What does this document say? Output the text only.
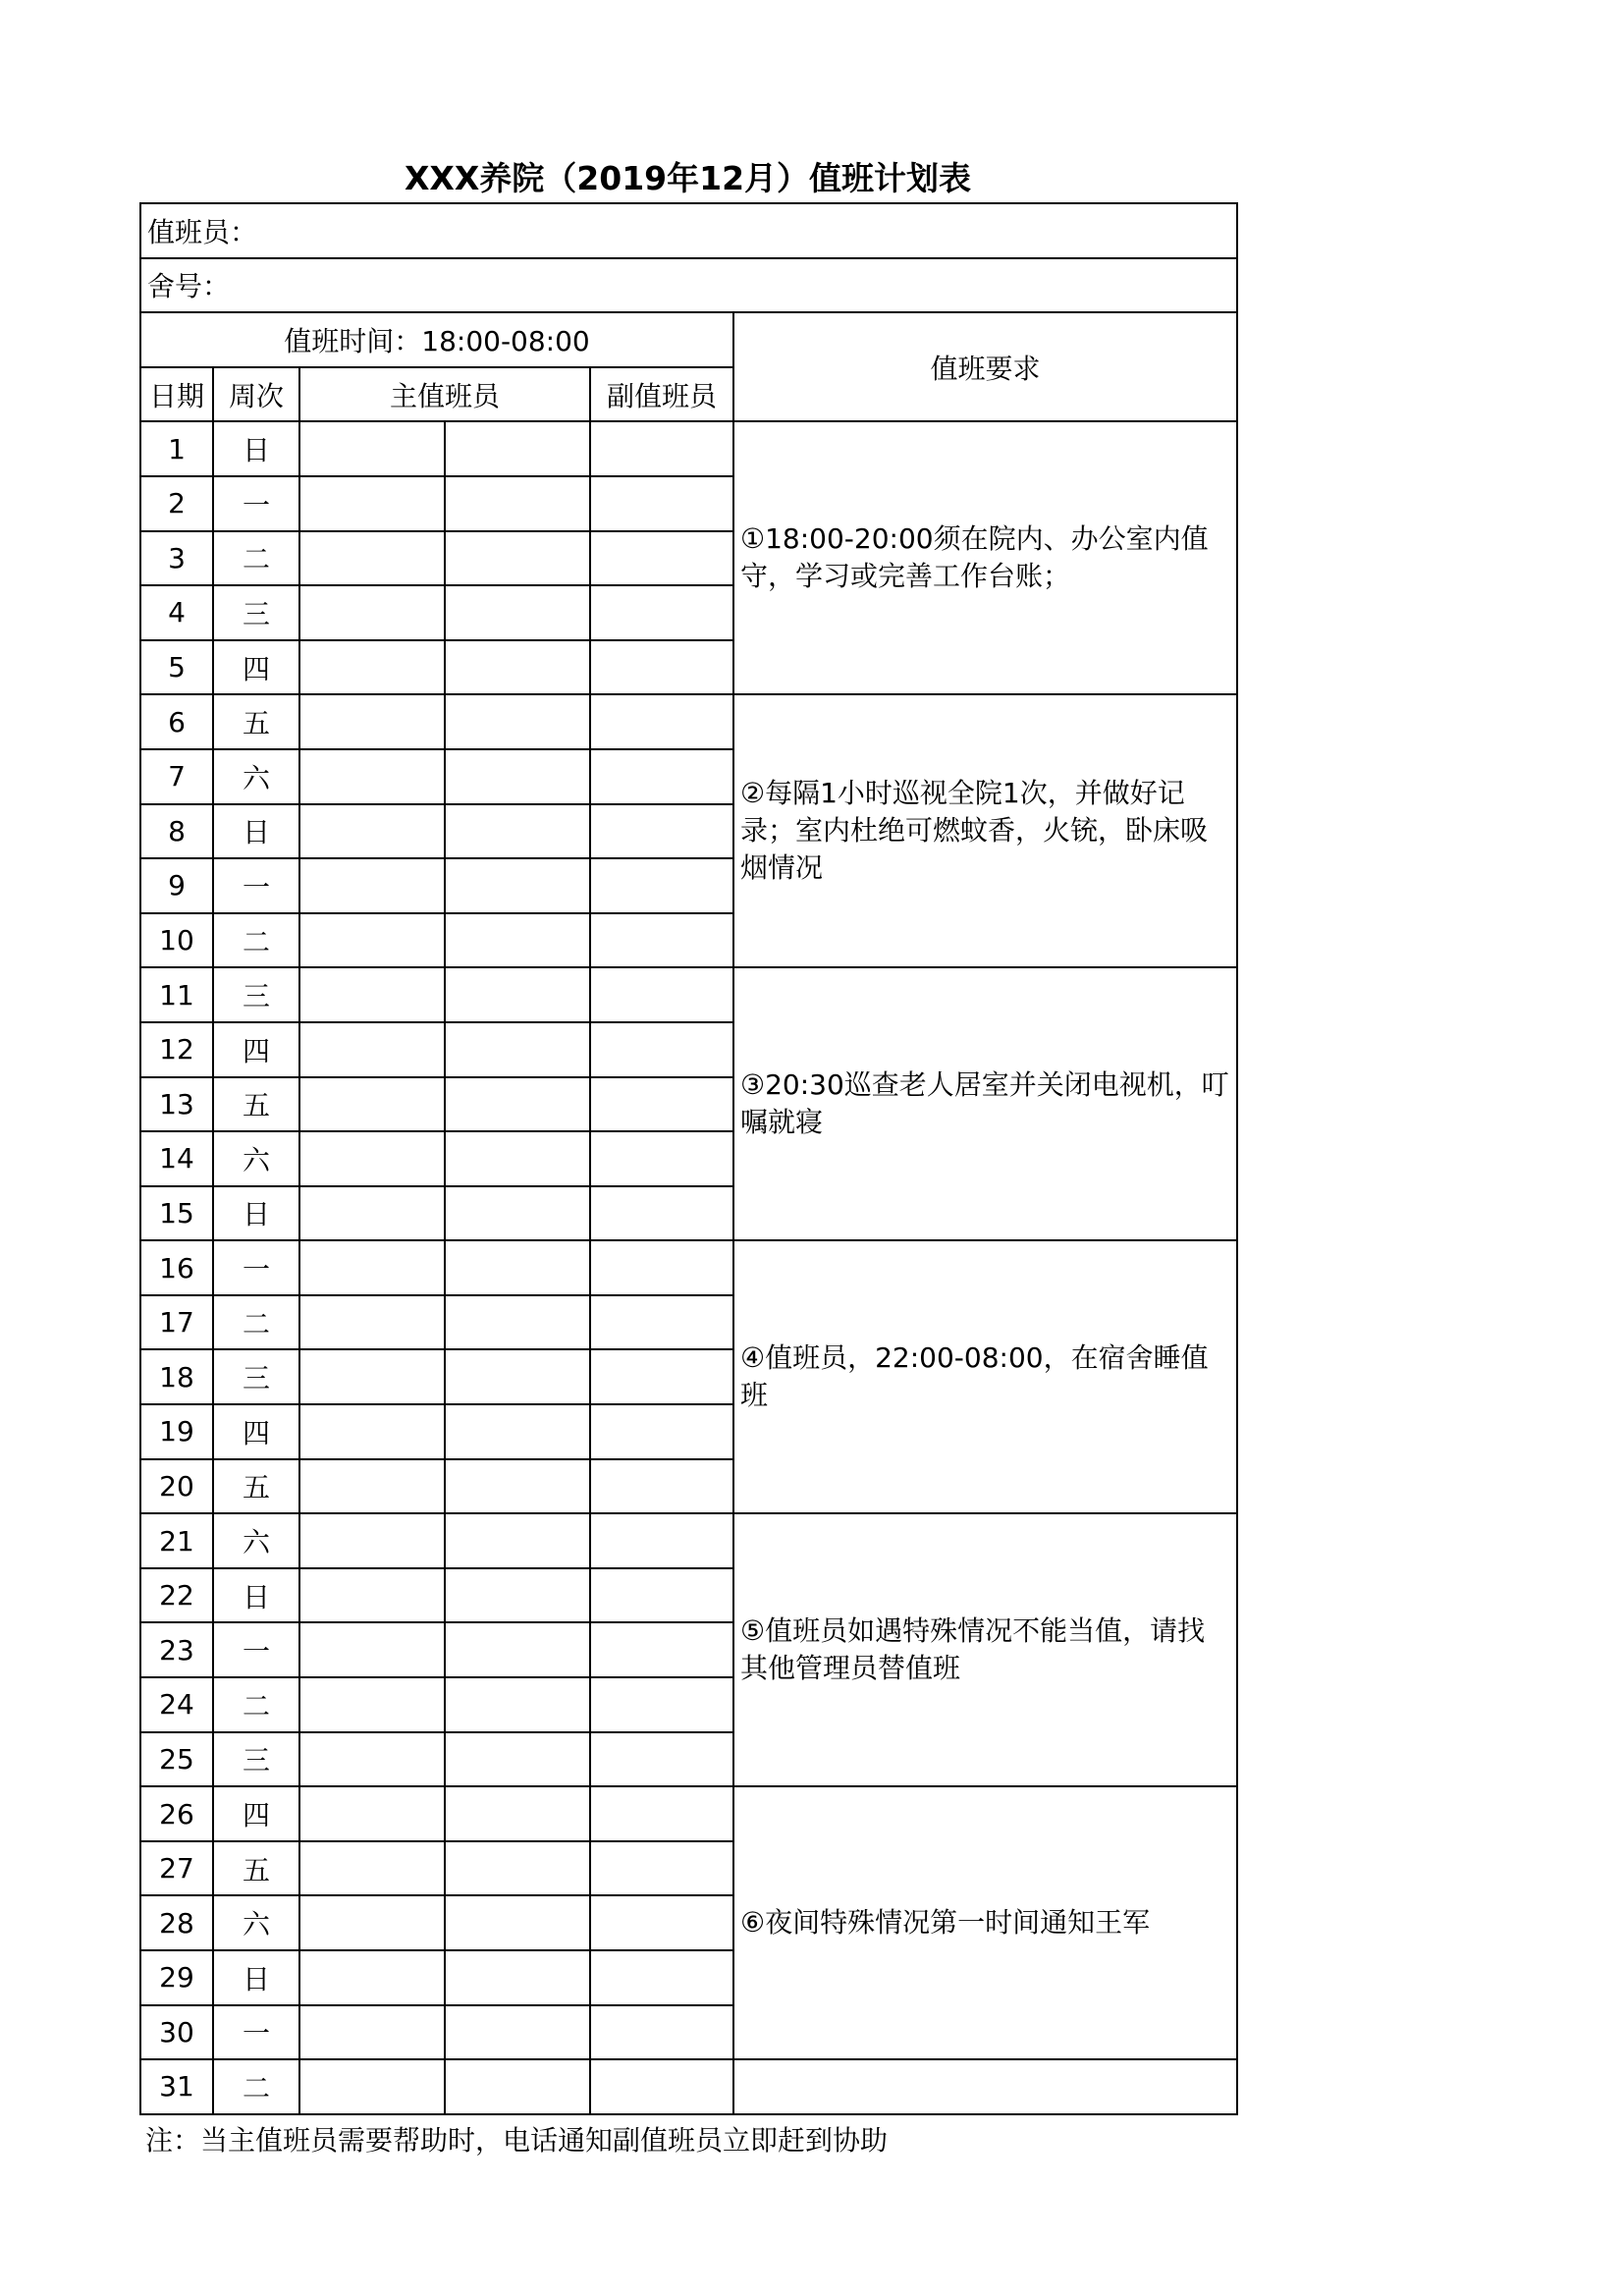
XXX养院（2019年12月）值班计划表
值班员：					
舍号：					
值班时间：18:00-08:00					值班要求
日期	周次	主值班员		副值班员	
1	日				①18:00-20:00须在院内、办公室内值守，学习或完善工作台账；
2	一				
3	二				
4	三				
5	四				
6	五				②每隔1小时巡视全院1次，并做好记录；室内杜绝可燃蚊香，火铳，卧床吸烟情况
7	六				
8	日				
9	一				
10	二				
11	三				③20:30巡查老人居室并关闭电视机，叮嘱就寝
12	四				
13	五				
14	六				
15	日				
16	一				④值班员，22:00-08:00，在宿舍睡值班
17	二				
18	三				
19	四				
20	五				
21	六				⑤值班员如遇特殊情况不能当值，请找其他管理员替值班
22	日				
23	一				
24	二				
25	三				
26	四				⑥夜间特殊情况第一时间通知王军
27	五				
28	六				
29	日				
30	一				
31	二				
注：当主值班员需要帮助时，电话通知副值班员立即赶到协助
